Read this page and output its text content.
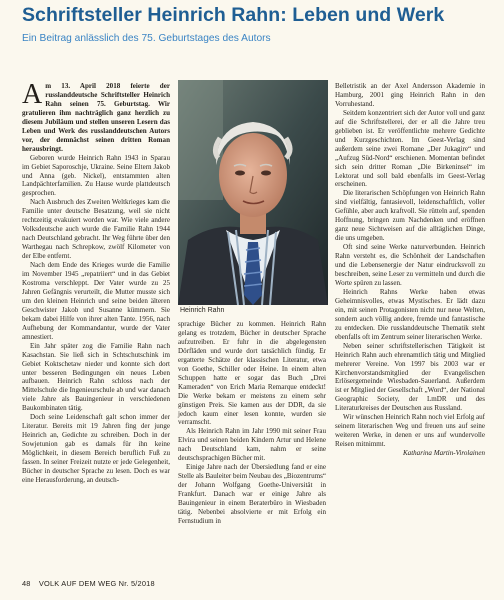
Schriftsteller Heinrich Rahn: Leben und Werk
Ein Beitrag anlässlich des 75. Geburtstages des Autors

Am 13. April 2018 feierte der russlanddeutsche Schriftsteller Heinrich Rahn seinen 75. Geburtstag. Wir gratulieren ihm nachträglich ganz herzlich zu diesem Jubiläum und stellen unseren Lesern das Leben und Werk des russlanddeutschen Autors vor, der demnächst seinen dritten Roman herausbringt.

Geboren wurde Heinrich Rahn 1943 in Sparau im Gebiet Saporoschje, Ukraine. Seine Eltern Jakob und Anna (geb. Nickel), entstammten alten Landpächterfamilien. Zu Hause wurde plattdeutsch gesprochen.

Nach Ausbruch des Zweiten Weltkrieges kam die Familie unter deutsche Besatzung, weil sie nicht rechtzeitig evakuiert worden war. Wie viele andere Volksdeutsche auch wurde die Familie Rahn 1944 nach Deutschland gebracht. Ihr Weg führte über den Warthegau nach Schrepkow, zwölf Kilometer von der Elbe entfernt.

Nach dem Ende des Krieges wurde die Familie im November 1945 „repatriiert“ und in das Gebiet Kostroma verschleppt. Der Vater wurde zu 25 Jahren Gefängnis verurteilt, die Mutter musste sich um den kleinen Heinrich und seine beiden älteren Geschwister Jakob und Susanne kümmern. Sie bekam dabei Hilfe von ihrer alten Tante. 1956, nach Aufhebung der Kommandantur, wurde der Vater amnestiert.

Ein Jahr später zog die Familie Rahn nach Kasachstan. Sie ließ sich in Schtschutschink im Gebiet Koktschetaw nieder und konnte sich dort unter besseren Bedingungen ein neues Leben aufbauen. Heinrich Rahn schloss nach der Mittelschule die Ingenieurschule ab und war danach viele Jahre als Bauingenieur in verschiedenen Baukombinaten tätig.

Doch seine Leidenschaft galt schon immer der Literatur. Bereits mit 19 Jahren fing der junge Heinrich an, Gedichte zu schreiben. Doch in der Sowjetunion gab es damals für ihn keine Möglichkeit, in diesem Bereich beruflich Fuß zu fassen. In seiner Freizeit nutzte er jede Gelegenheit, Bücher in deutscher Sprache zu lesen. Doch es war eine Herausforderung, an deutsch-

Heinrich Rahn

sprachige Bücher zu kommen. Heinrich Rahn gelang es trotzdem, Bücher in deutscher Sprache aufzutreiben. Er fuhr in die abgelegensten Dörfläden und wurde dort tatsächlich fündig. Er ergatterte Schätze der klassischen Literatur, etwa von Goethe, Schiller oder Heine. In einem alten Schuppen hatte er sogar das Buch „Drei Kameraden“ von Erich Maria Remarque entdeckt! Die Werke bekam er meistens zu einem sehr günstigen Preis. Sie kamen aus der DDR, da sie jedoch kaum einer lesen konnte, wurden sie verramscht.

Als Heinrich Rahn im Jahr 1990 mit seiner Frau Elvira und seinen beiden Kindern Artur und Helene nach Deutschland kam, nahm er seine deutschsprachigen Bücher mit.

Einige Jahre nach der Übersiedlung fand er eine Stelle als Bauleiter beim Neubau des „Biozentrums“ der Johann Wolfgang Goethe-Universität in Frankfurt. Danach war er einige Jahre als Bauingenieur in einem Beraterbüro in Wiesbaden tätig. Nebenbei absolvierte er mit Erfolg ein Fernstudium in

Belletristik an der Axel Andersson Akademie in Hamburg, 2001 ging Heinrich Rahn in den Vorruhestand.

Seitdem konzentriert sich der Autor voll und ganz auf die Schriftstellerei, der er all die Jahre treu geblieben ist. Er veröffentlichte mehrere Gedichte und Kurzgeschichten. Im Geest-Verlag sind außerdem seine zwei Romane „Der Jukagire“ und „Aufzug Süd-Nord“ erschienen. Momentan befindet sich sein dritter Roman „Die Birkeninsel“ im Lektorat und soll bald ebenfalls im Geest-Verlag erscheinen.

Die literarischen Schöpfungen von Heinrich Rahn sind vielfältig, fantasievoll, leidenschaftlich, voller Gefühle, aber auch kraftvoll. Sie rütteln auf, spenden Hoffnung, bringen zum Nachdenken und eröffnen ganz neue Sichtweisen auf die alltäglichen Dinge, die uns umgeben.

Oft sind seine Werke naturverbunden. Heinrich Rahn versteht es, die Schönheit der Landschaften und die Lebensenergie der Natur eindrucksvoll zu beschreiben, seine Leser zu vermitteln und durch die Worte spüren zu lassen.

Heinrich Rahns Werke haben etwas Geheimnisvolles, etwas Mystisches. Er lädt dazu ein, mit seinen Protagonisten nicht nur neue Welten, sondern auch völlig andere, fremde und fantastische zu entdecken. Die russlanddeutsche Thematik steht ebenfalls oft im Zentrum seiner literarischen Werke.

Neben seiner schriftstellerischen Tätigkeit ist Heinrich Rahn auch ehrenamtlich tätig und Mitglied mehrerer Vereine. Von 1997 bis 2003 war er Kirchenvorstandsmitglied der Evangelischen Erlösergemeinde Wiesbaden-Sauerland. Außerdem ist er Mitglied der Gesellschaft „Word“, der National Geographic Society, der LmDR und des Literaturkreises der Deutschen aus Russland.

Wir wünschen Heinrich Rahn noch viel Erfolg auf seinem literarischen Weg und freuen uns auf seine weiteren Werke, in denen er uns auf wundervolle Reisen mitnimmt.

Katharina Martin-Virolainen

48 VOLK AUF DEM WEG Nr. 5/2018
